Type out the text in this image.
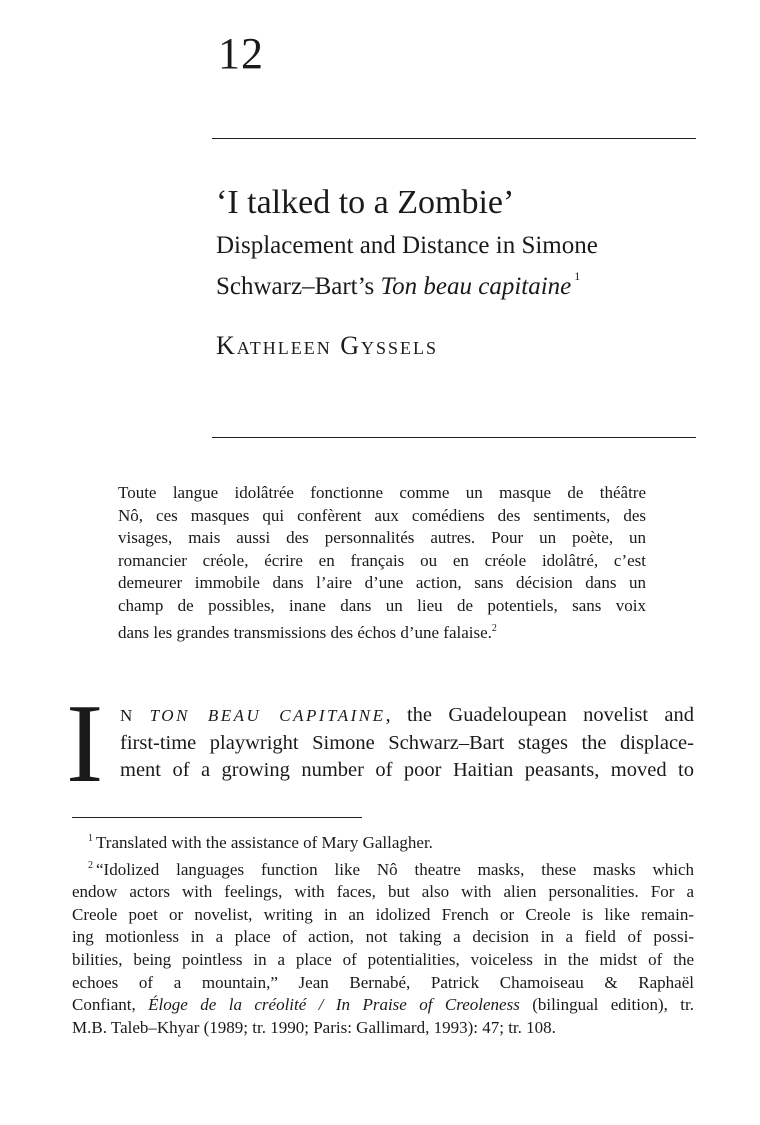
12
‘I talked to a Zombie’
Displacement and Distance in Simone
Schwarz–Bart’s Ton beau capitaine $^1$
Kathleen Gyssels
Toute langue idolâtrée fonctionne comme un masque de théâtre
Nô, ces masques qui confèrent aux comédiens des sentiments, des
visages, mais aussi des personnalités autres. Pour un poète, un
romancier créole, écrire en français ou en créole idolâtré, c’est
demeurer immobile dans l’aire d’une action, sans décision dans un
champ de possibles, inane dans un lieu de potentiels, sans voix
dans les grandes transmissions des échos d’une falaise.$^2$
I N TON BEAU CAPITAINE, the Guadeloupean novelist and
first-time playwright Simone Schwarz–Bart stages the displace-
ment of a growing number of poor Haitian peasants, moved to
$^1$ Translated with the assistance of Mary Gallagher.
$^2$ “Idolized languages function like Nô theatre masks, these masks which
endow actors with feelings, with faces, but also with alien personalities. For a
Creole poet or novelist, writing in an idolized French or Creole is like remain-
ing motionless in a place of action, not taking a decision in a field of possi-
bilities, being pointless in a place of potentialities, voiceless in the midst of the
echoes of a mountain,” Jean Bernabé, Patrick Chamoiseau & Raphaël
Confiant, Éloge de la créolité / In Praise of Creoleness (bilingual edition), tr.
M.B. Taleb–Khyar (1989; tr. 1990; Paris: Gallimard, 1993): 47; tr. 108.
